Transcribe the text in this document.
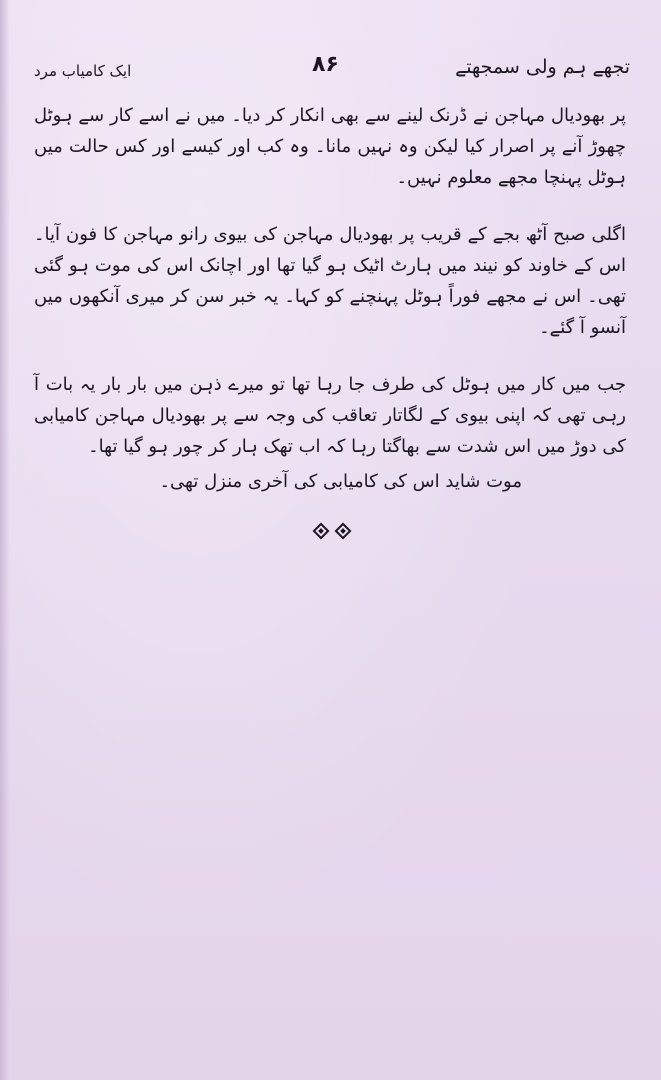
ایک کامیاب مرد	۸۶	تجھے ہم ولی سمجھتے

پر بھودیال مہاجن نے ڈرنک لینے سے بھی انکار کر دیا۔ میں نے اسے کار سے ہوٹل چھوڑ آنے پر اصرار کیا لیکن وہ نہیں مانا۔ وہ کب اور کیسے اور کس حالت میں ہوٹل پہنچا مجھے معلوم نہیں۔

اگلی صبح آٹھ بجے کے قریب پر بھودیال مہاجن کی بیوی رانو مہاجن کا فون آیا۔ اس کے خاوند کو نیند میں ہارٹ اٹیک ہو گیا تھا اور اچانک اس کی موت ہو گئی تھی۔ اس نے مجھے فوراً ہوٹل پہنچنے کو کہا۔ یہ خبر سن کر میری آنکھوں میں آنسو آ گئے۔

جب میں کار میں ہوٹل کی طرف جا رہا تھا تو میرے ذہن میں بار بار یہ بات آ رہی تھی کہ اپنی بیوی کے لگاتار تعاقب کی وجہ سے پر بھودیال مہاجن کامیابی کی دوڑ میں اس شدت سے بھاگتا رہا کہ اب تھک ہار کر چور ہو گیا تھا۔

موت شاید اس کی کامیابی کی آخری منزل تھی۔
